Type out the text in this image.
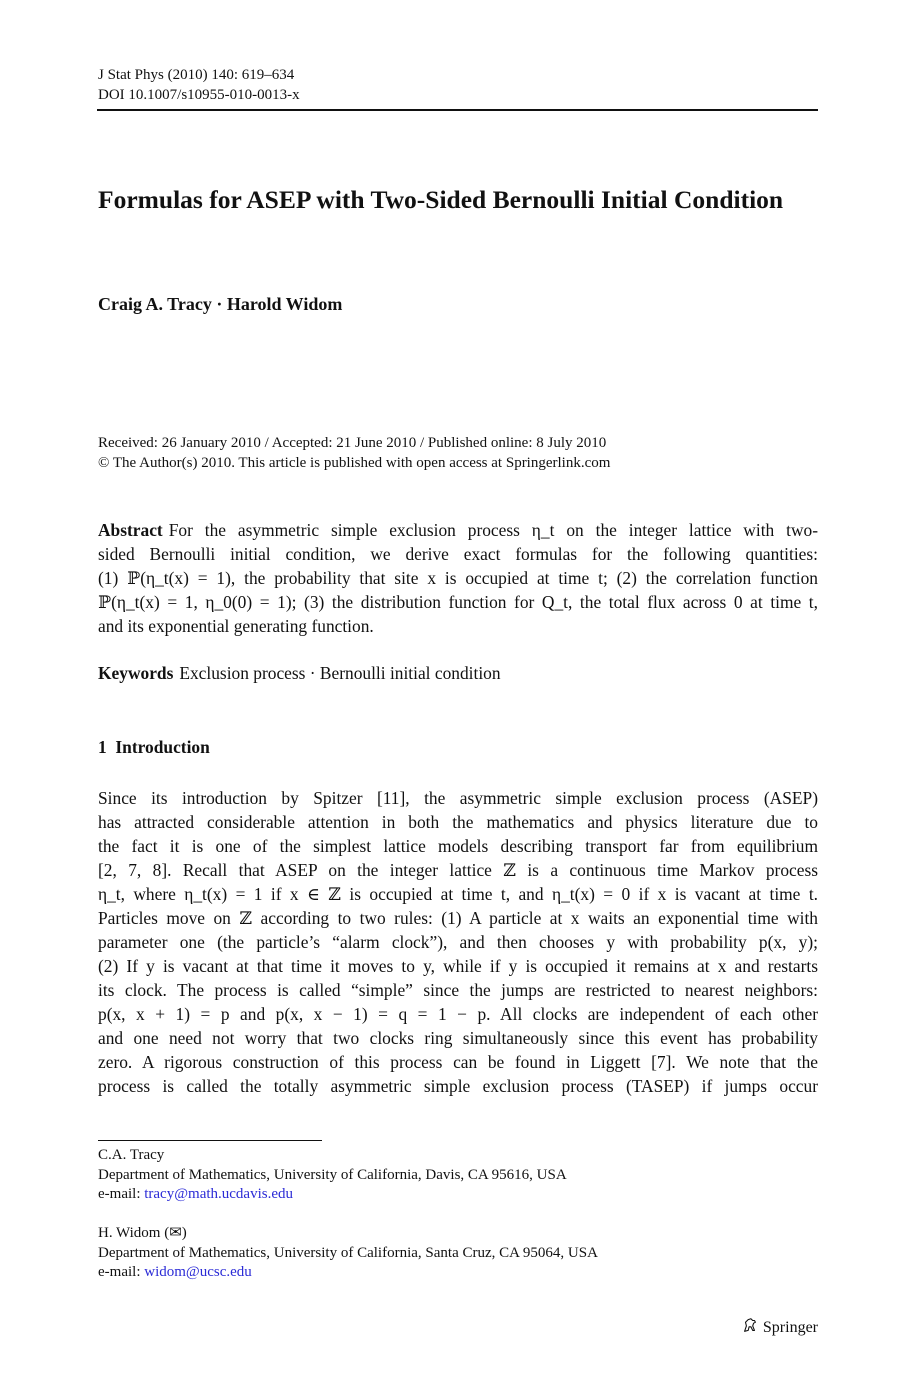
J Stat Phys (2010) 140: 619–634
DOI 10.1007/s10955-010-0013-x
Formulas for ASEP with Two-Sided Bernoulli Initial Condition
Craig A. Tracy · Harold Widom
Received: 26 January 2010 / Accepted: 21 June 2010 / Published online: 8 July 2010
© The Author(s) 2010. This article is published with open access at Springerlink.com
Abstract For the asymmetric simple exclusion process η_t on the integer lattice with two-
sided Bernoulli initial condition, we derive exact formulas for the following quantities:
(1) ℙ(η_t(x) = 1), the probability that site x is occupied at time t; (2) the correlation function
ℙ(η_t(x) = 1, η_0(0) = 1); (3) the distribution function for Q_t, the total flux across 0 at time t,
and its exponential generating function.
Keywords Exclusion process · Bernoulli initial condition
1 Introduction
Since its introduction by Spitzer [11], the asymmetric simple exclusion process (ASEP)
has attracted considerable attention in both the mathematics and physics literature due to
the fact it is one of the simplest lattice models describing transport far from equilibrium
[2, 7, 8]. Recall that ASEP on the integer lattice ℤ is a continuous time Markov process
η_t, where η_t(x) = 1 if x ∈ ℤ is occupied at time t, and η_t(x) = 0 if x is vacant at time t.
Particles move on ℤ according to two rules: (1) A particle at x waits an exponential time with
parameter one (the particle’s “alarm clock”), and then chooses y with probability p(x, y);
(2) If y is vacant at that time it moves to y, while if y is occupied it remains at x and restarts
its clock. The process is called “simple” since the jumps are restricted to nearest neighbors:
p(x, x + 1) = p and p(x, x − 1) = q = 1 − p. All clocks are independent of each other
and one need not worry that two clocks ring simultaneously since this event has probability
zero. A rigorous construction of this process can be found in Liggett [7]. We note that the
process is called the totally asymmetric simple exclusion process (TASEP) if jumps occur
C.A. Tracy
Department of Mathematics, University of California, Davis, CA 95616, USA
e-mail: tracy@math.ucdavis.edu
H. Widom (✉)
Department of Mathematics, University of California, Santa Cruz, CA 95064, USA
e-mail: widom@ucsc.edu
Springer
